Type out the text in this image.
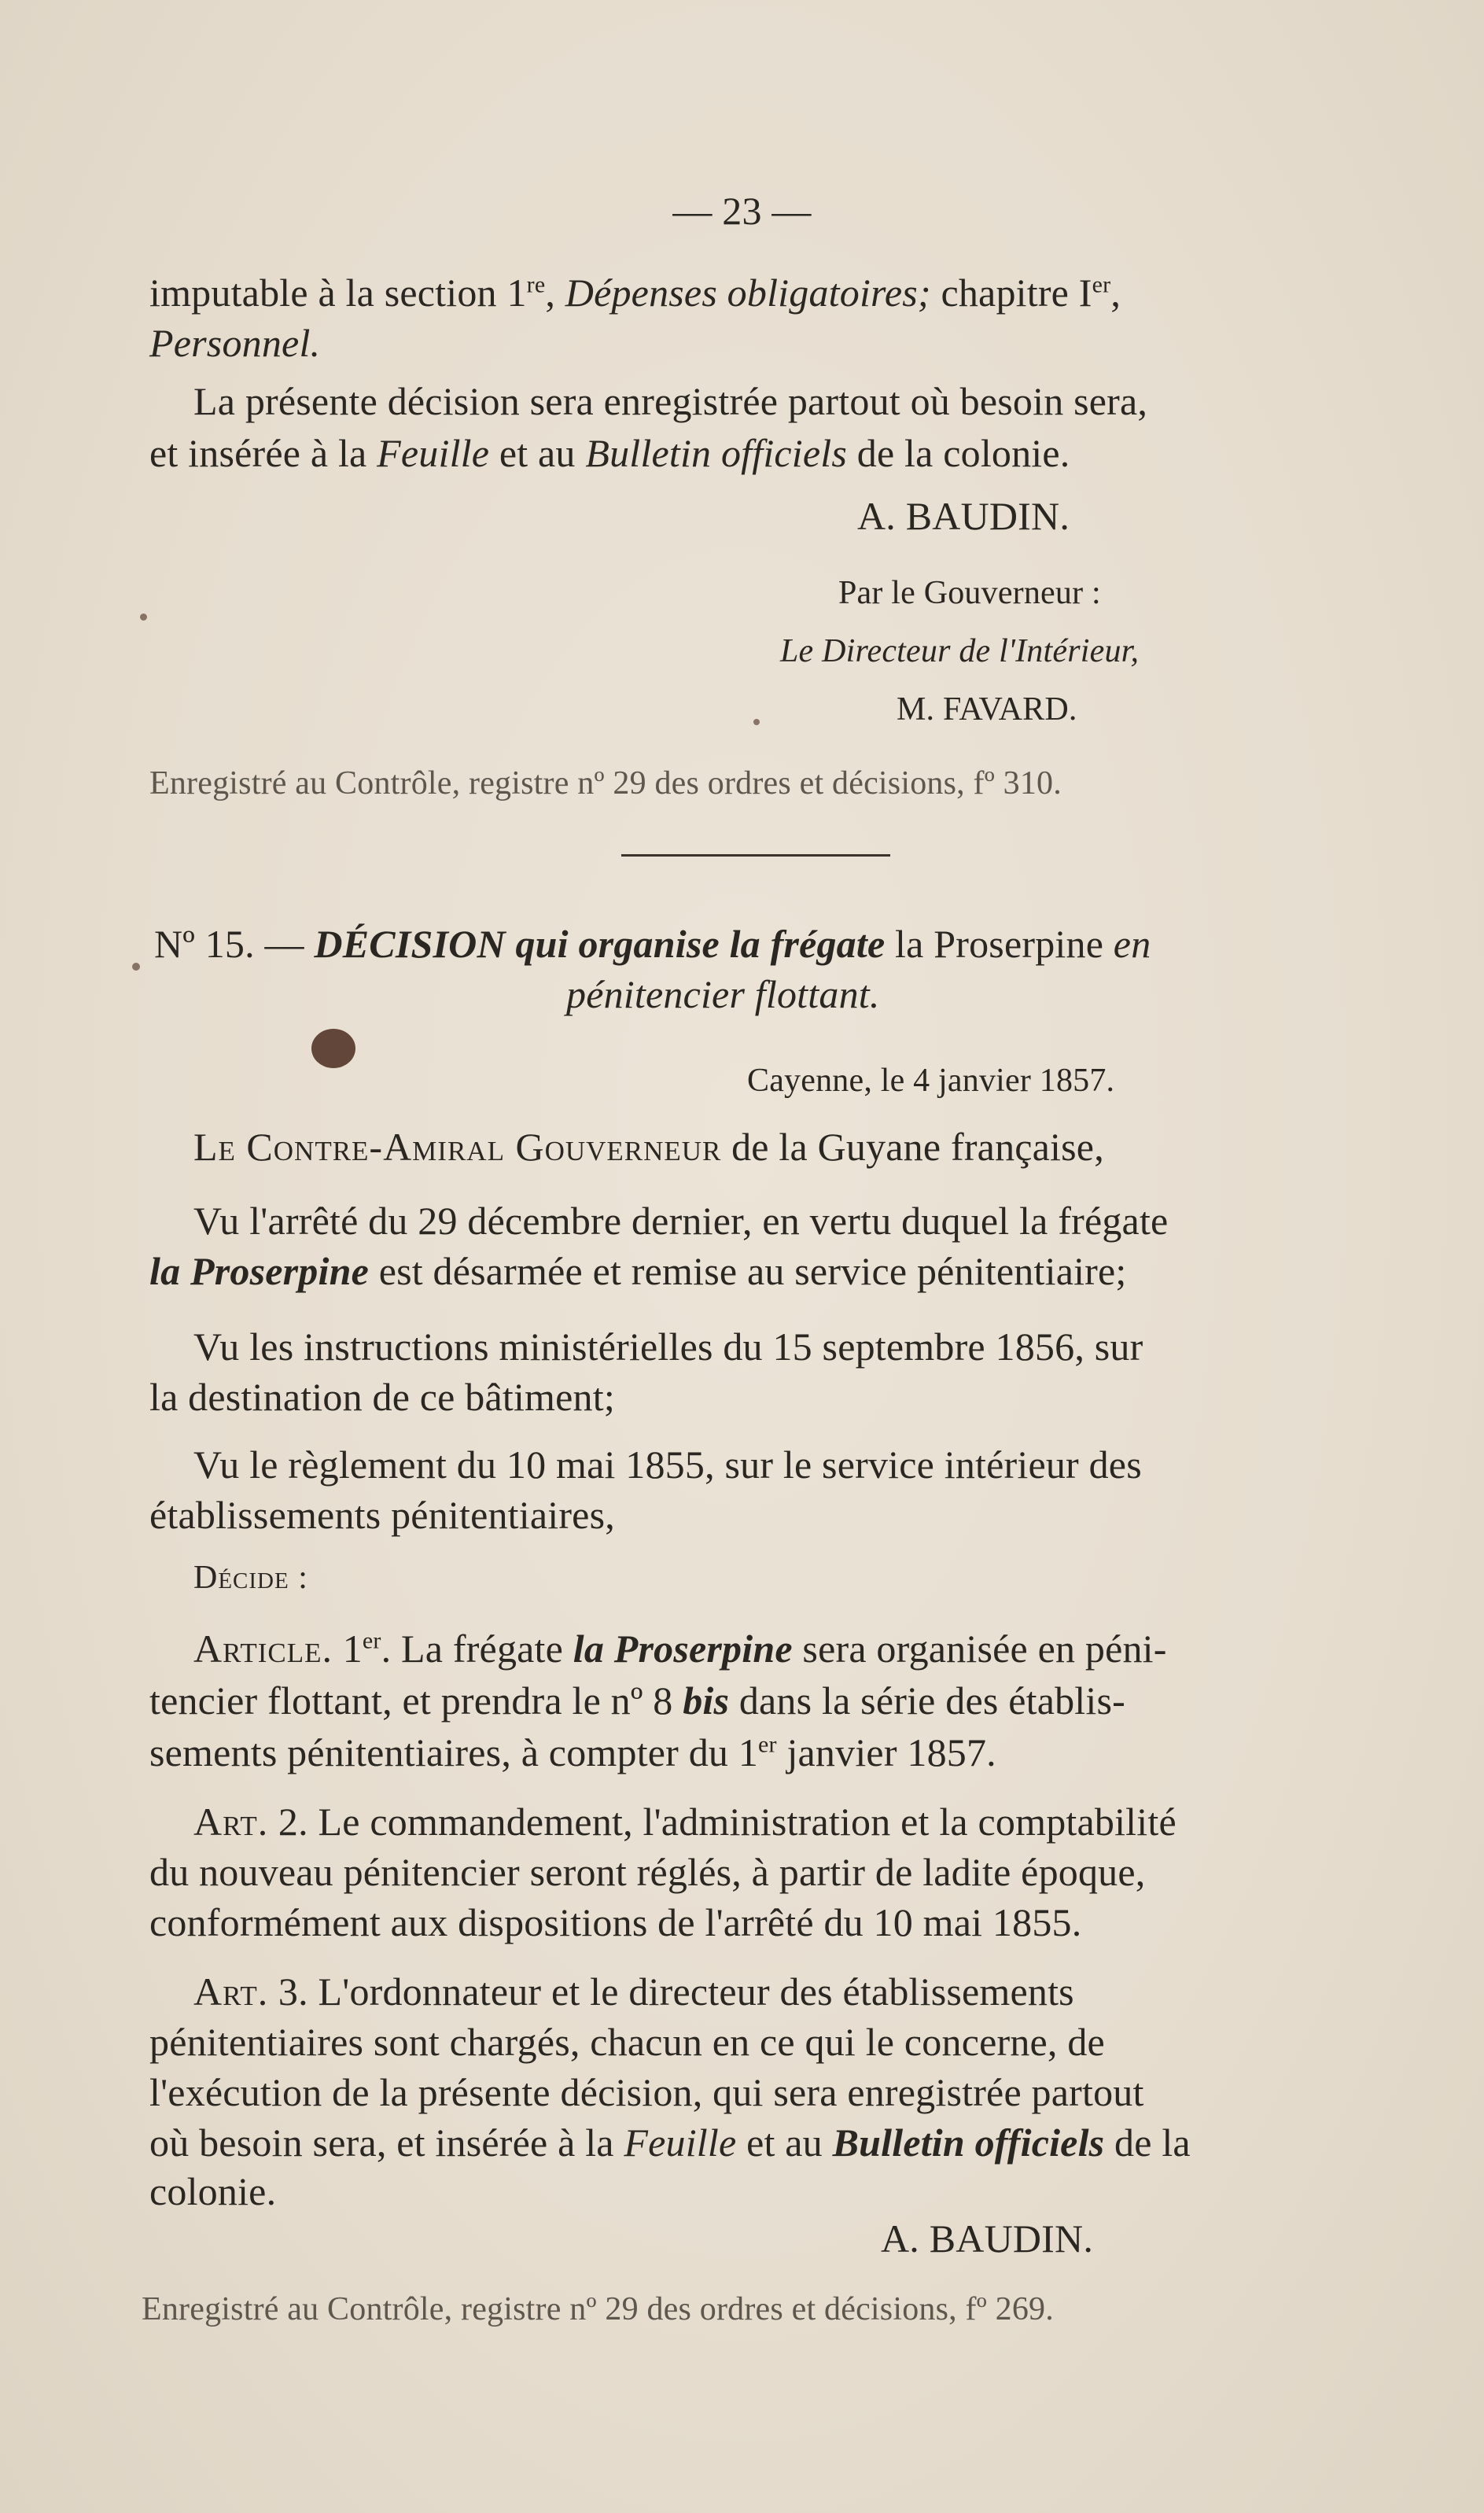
— 23 —
imputable à la section 1re, Dépenses obligatoires; chapitre Ier,
Personnel.
La présente décision sera enregistrée partout où besoin sera,
et insérée à la Feuille et au Bulletin officiels de la colonie.
A. BAUDIN.
Par le Gouverneur :
Le Directeur de l'Intérieur,
M. FAVARD.
Enregistré au Contrôle, registre nº 29 des ordres et décisions, fº 310.
Nº 15. — DÉCISION qui organise la frégate la Proserpine en
pénitencier flottant.
Cayenne, le 4 janvier 1857.
Le Contre-Amiral Gouverneur de la Guyane française,
Vu l'arrêté du 29 décembre dernier, en vertu duquel la frégate
la Proserpine est désarmée et remise au service pénitentiaire;
Vu les instructions ministérielles du 15 septembre 1856, sur
la destination de ce bâtiment;
Vu le règlement du 10 mai 1855, sur le service intérieur des
établissements pénitentiaires,
Décide :
Article. 1er. La frégate la Proserpine sera organisée en péni-
tencier flottant, et prendra le nº 8 bis dans la série des établis-
sements pénitentiaires, à compter du 1er janvier 1857.
Art. 2. Le commandement, l'administration et la comptabilité
du nouveau pénitencier seront réglés, à partir de ladite époque,
conformément aux dispositions de l'arrêté du 10 mai 1855.
Art. 3. L'ordonnateur et le directeur des établissements
pénitentiaires sont chargés, chacun en ce qui le concerne, de
l'exécution de la présente décision, qui sera enregistrée partout
où besoin sera, et insérée à la Feuille et au Bulletin officiels de la
colonie.
A. BAUDIN.
Enregistré au Contrôle, registre nº 29 des ordres et décisions, fº 269.
